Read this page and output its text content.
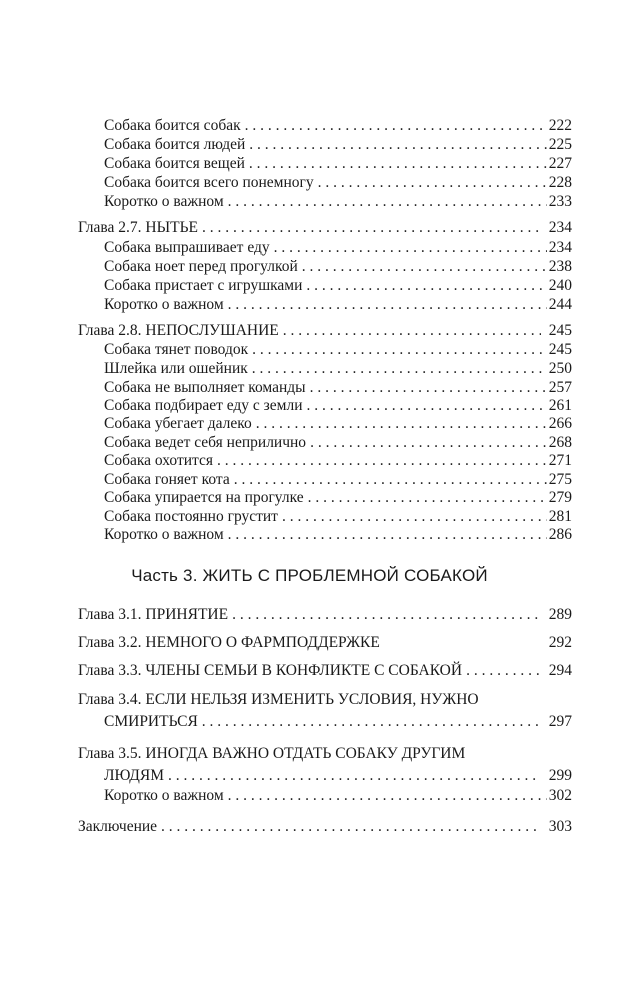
Собака боится собак . . .	222
Собака боится людей . . .	225
Собака боится вещей . . .	227
Собака боится всего понемногу . . .	228
Коротко о важном . . .	233
Глава 2.7. НЫТЬЕ . . .	234
Собака выпрашивает еду . . .	234
Собака ноет перед прогулкой . . .	238
Собака пристает с игрушками . . .	240
Коротко о важном . . .	244
Глава 2.8. НЕПОСЛУШАНИЕ . . .	245
Собака тянет поводок . . .	245
Шлейка или ошейник . . .	250
Собака не выполняет команды . . .	257
Собака подбирает еду с земли . . .	261
Собака убегает далеко . . .	266
Собака ведет себя неприлично . . .	268
Собака охотится . . .	271
Собака гоняет кота . . .	275
Собака упирается на прогулке . . .	279
Собака постоянно грустит . . .	281
Коротко о важном . . .	286
Часть 3. ЖИТЬ С ПРОБЛЕМНОЙ СОБАКОЙ
Глава 3.1. ПРИНЯТИЕ . . .	289
Глава 3.2. НЕМНОГО О ФАРМПОДДЕРЖКЕ	292
Глава 3.3. ЧЛЕНЫ СЕМЬИ В КОНФЛИКТЕ С СОБАКОЙ . . .	294
Глава 3.4. ЕСЛИ НЕЛЬЗЯ ИЗМЕНИТЬ УСЛОВИЯ, НУЖНО
СМИРИТЬСЯ . . .	297
Глава 3.5. ИНОГДА ВАЖНО ОТДАТЬ СОБАКУ ДРУГИМ
ЛЮДЯМ . . .	299
Коротко о важном . . .	302
Заключение . . .	303
